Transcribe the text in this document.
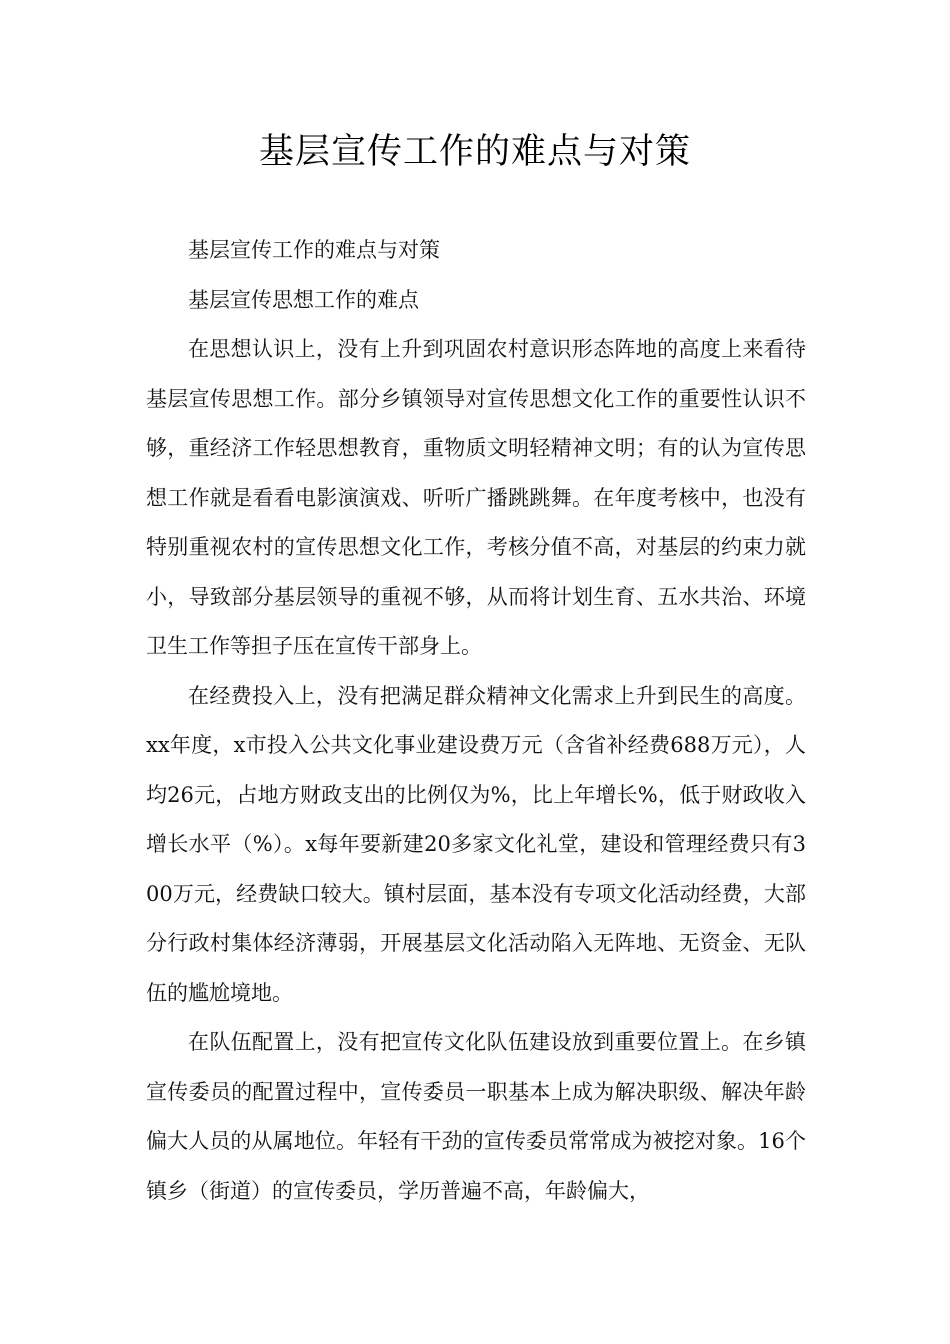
基层宣传工作的难点与对策

基层宣传工作的难点与对策

基层宣传思想工作的难点

在思想认识上，没有上升到巩固农村意识形态阵地的高度上来看待基层宣传思想工作。部分乡镇领导对宣传思想文化工作的重要性认识不够，重经济工作轻思想教育，重物质文明轻精神文明；有的认为宣传思想工作就是看看电影演演戏、听听广播跳跳舞。在年度考核中，也没有特别重视农村的宣传思想文化工作，考核分值不高，对基层的约束力就小，导致部分基层领导的重视不够，从而将计划生育、五水共治、环境卫生工作等担子压在宣传干部身上。

在经费投入上，没有把满足群众精神文化需求上升到民生的高度。xx年度，x市投入公共文化事业建设费万元（含省补经费688万元），人均26元，占地方财政支出的比例仅为%，比上年增长%，低于财政收入增长水平（%）。x每年要新建20多家文化礼堂，建设和管理经费只有300万元，经费缺口较大。镇村层面，基本没有专项文化活动经费，大部分行政村集体经济薄弱，开展基层文化活动陷入无阵地、无资金、无队伍的尴尬境地。

在队伍配置上，没有把宣传文化队伍建设放到重要位置上。在乡镇宣传委员的配置过程中，宣传委员一职基本上成为解决职级、解决年龄偏大人员的从属地位。年轻有干劲的宣传委员常常成为被挖对象。16个镇乡（街道）的宣传委员，学历普遍不高，年龄偏大，
